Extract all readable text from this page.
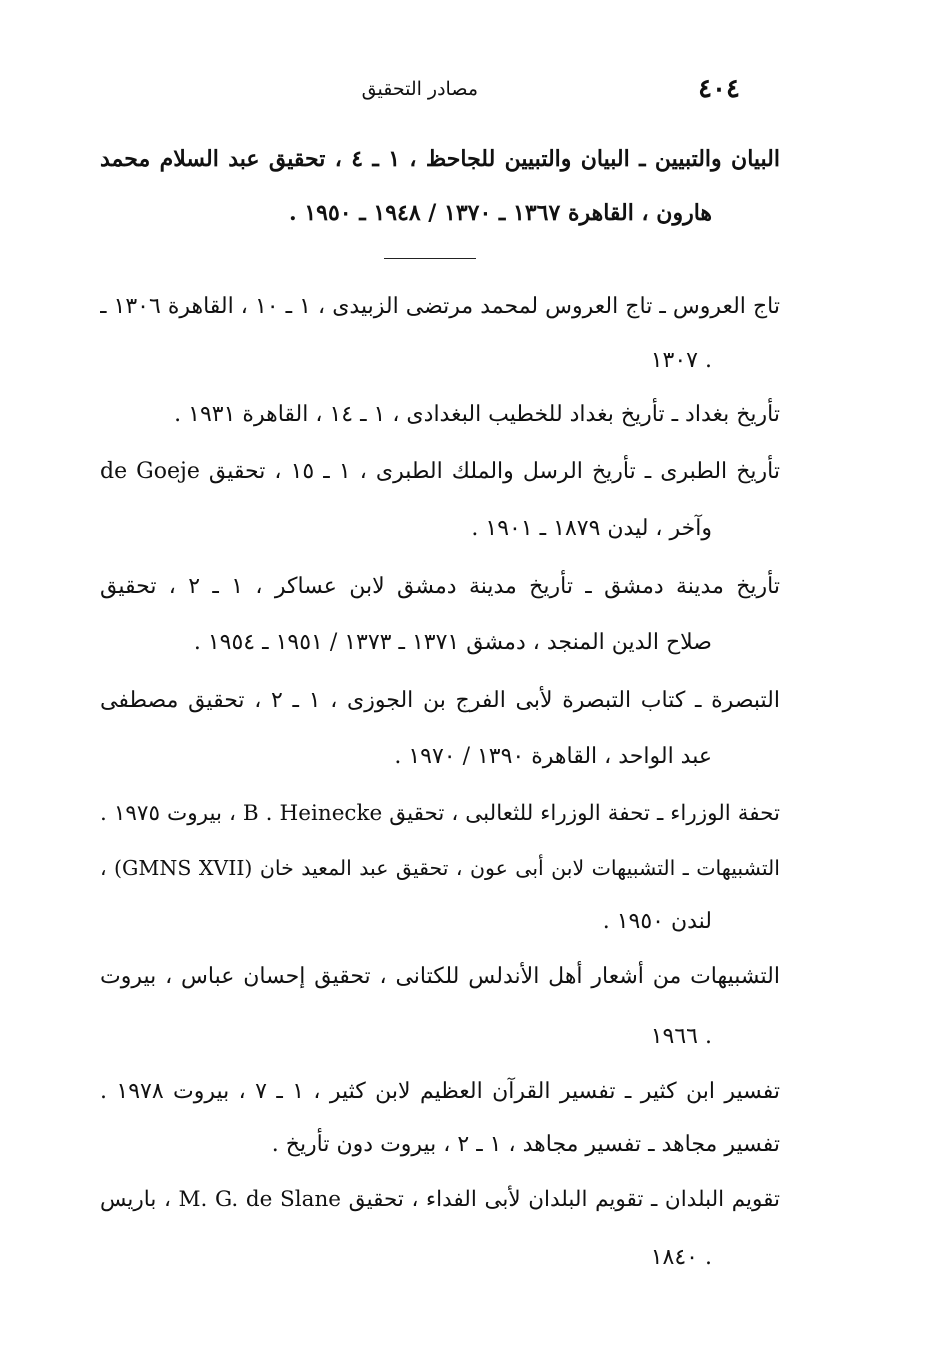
٤٠٤
مصادر التحقيق
البيان والتبيين ـ البيان والتبيين للجاحظ ، ١ ـ ٤ ، تحقيق عبد السلام محمد
هارون ، القاهرة ١٣٦٧ ـ ١٣٧٠ / ١٩٤٨ ـ ١٩٥٠ .
تاج العروس ـ تاج العروس لمحمد مرتضى الزبيدى ، ١ ـ ١٠ ، القاهرة ١٣٠٦ ـ
١٣٠٧ .
تأريخ بغداد ـ تأريخ بغداد للخطيب البغدادى ، ١ ـ ١٤ ، القاهرة ١٩٣١ .
تأريخ الطبرى ـ تأريخ الرسل والملك الطبرى ، ١ ـ ١٥ ، تحقيق de Goeje
وآخر ، ليدن ١٨٧٩ ـ ١٩٠١ .
تأريخ مدينة دمشق ـ تأريخ مدينة دمشق لابن عساكر ، ١ ـ ٢ ، تحقيق
صلاح الدين المنجد ، دمشق ١٣٧١ ـ ١٣٧٣ / ١٩٥١ ـ ١٩٥٤ .
التبصرة ـ كتاب التبصرة لأبى الفرج بن الجوزى ، ١ ـ ٢ ، تحقيق مصطفى
عبد الواحد ، القاهرة ١٣٩٠ / ١٩٧٠ .
تحفة الوزراء ـ تحفة الوزراء للثعالبى ، تحقيق B . Heinecke ، بيروت ١٩٧٥ .
التشبيهات ـ التشبيهات لابن أبى عون ، تحقيق عبد المعيد خان (GMNS XVII) ،
لندن ١٩٥٠ .
التشبيهات من أشعار أهل الأندلس للكتانى ، تحقيق إحسان عباس ، بيروت
١٩٦٦ .
تفسير ابن كثير ـ تفسير القرآن العظيم لابن كثير ، ١ ـ ٧ ، بيروت ١٩٧٨ .
تفسير مجاهد ـ تفسير مجاهد ، ١ ـ ٢ ، بيروت دون تأريخ .
تقويم البلدان ـ تقويم البلدان لأبى الفداء ، تحقيق M. G. de Slane ، باريس
١٨٤٠ .
